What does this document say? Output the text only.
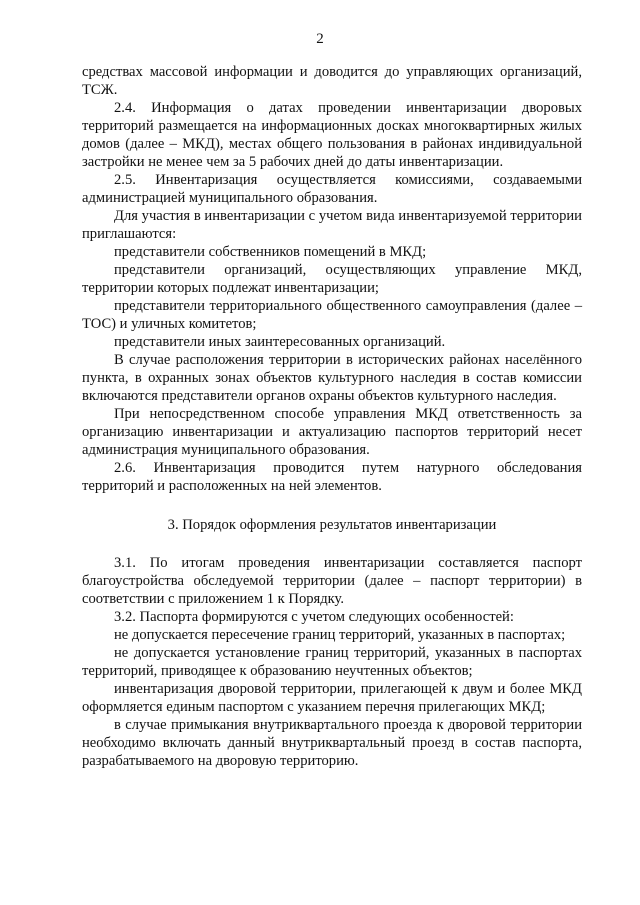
2

средствах массовой информации и доводится до управляющих организаций, ТСЖ.

2.4. Информация о датах проведении инвентаризации дворовых территорий размещается на информационных досках многоквартирных жилых домов (далее – МКД), местах общего пользования в районах индивидуальной застройки не менее чем за 5 рабочих дней до даты инвентаризации.

2.5. Инвентаризация осуществляется комиссиями, создаваемыми администрацией муниципального образования.

Для участия в инвентаризации с учетом вида инвентаризуемой территории приглашаются:

представители собственников помещений в МКД;

представители организаций, осуществляющих управление МКД, территории которых подлежат инвентаризации;

представители территориального общественного самоуправления (далее – ТОС) и уличных комитетов;

представители иных заинтересованных организаций.

В случае расположения территории в исторических районах населённого пункта, в охранных зонах объектов культурного наследия в состав комиссии включаются представители органов охраны объектов культурного наследия.

При непосредственном способе управления МКД ответственность за организацию инвентаризации и актуализацию паспортов территорий несет администрация муниципального образования.

2.6. Инвентаризация проводится путем натурного обследования территорий и расположенных на ней элементов.

3. Порядок оформления результатов инвентаризации

3.1. По итогам проведения инвентаризации составляется паспорт благоустройства обследуемой территории (далее – паспорт территории) в соответствии с приложением 1 к Порядку.

3.2. Паспорта формируются с учетом следующих особенностей:

не допускается пересечение границ территорий, указанных в паспортах;

не допускается установление границ территорий, указанных в паспортах территорий, приводящее к образованию неучтенных объектов;

инвентаризация дворовой территории, прилегающей к двум и более МКД оформляется единым паспортом с указанием перечня прилегающих МКД;

в случае примыкания внутриквартального проезда к дворовой территории необходимо включать данный внутриквартальный проезд в состав паспорта, разрабатываемого на дворовую территорию.
